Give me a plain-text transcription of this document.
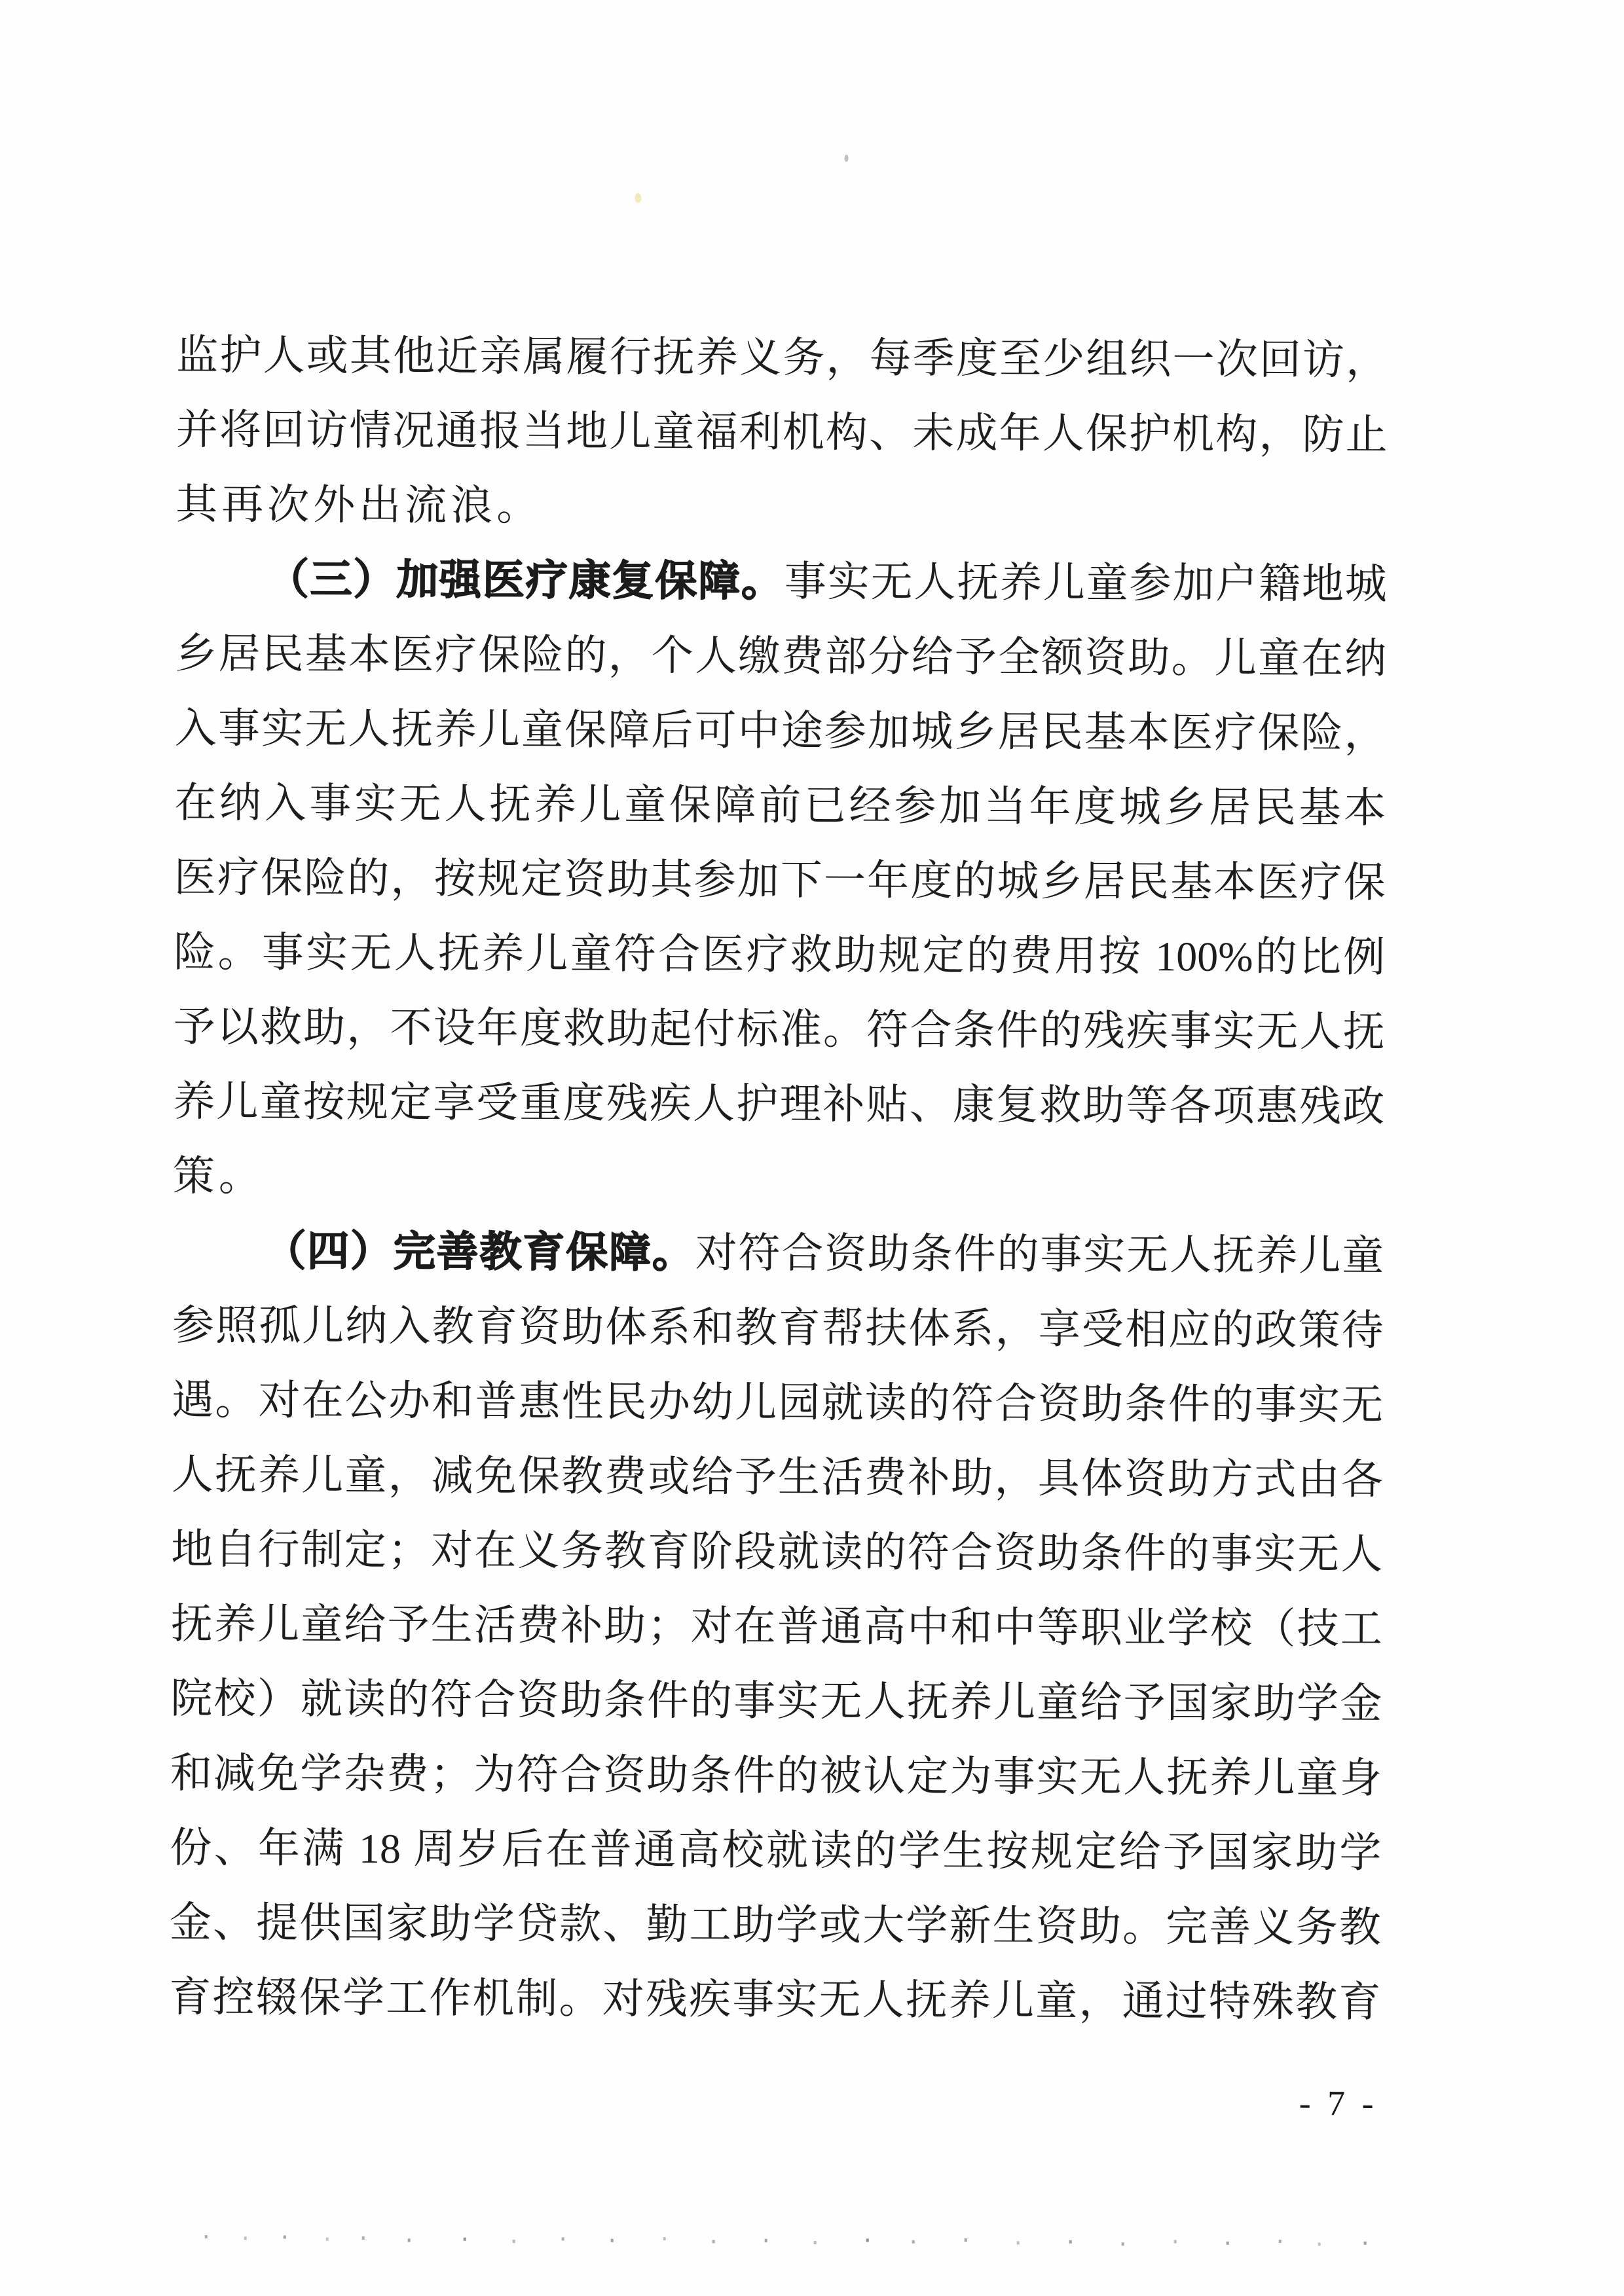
监护人或其他近亲属履行抚养义务，每季度至少组织一次回访，
并将回访情况通报当地儿童福利机构、未成年人保护机构，防止
其再次外出流浪。
（三）加强医疗康复保障。事实无人抚养儿童参加户籍地城
乡居民基本医疗保险的，个人缴费部分给予全额资助。儿童在纳
入事实无人抚养儿童保障后可中途参加城乡居民基本医疗保险，
在纳入事实无人抚养儿童保障前已经参加当年度城乡居民基本
医疗保险的，按规定资助其参加下一年度的城乡居民基本医疗保
险。事实无人抚养儿童符合医疗救助规定的费用按 100%的比例
予以救助，不设年度救助起付标准。符合条件的残疾事实无人抚
养儿童按规定享受重度残疾人护理补贴、康复救助等各项惠残政
策。
（四）完善教育保障。对符合资助条件的事实无人抚养儿童
参照孤儿纳入教育资助体系和教育帮扶体系，享受相应的政策待
遇。对在公办和普惠性民办幼儿园就读的符合资助条件的事实无
人抚养儿童，减免保教费或给予生活费补助，具体资助方式由各
地自行制定；对在义务教育阶段就读的符合资助条件的事实无人
抚养儿童给予生活费补助；对在普通高中和中等职业学校（技工
院校）就读的符合资助条件的事实无人抚养儿童给予国家助学金
和减免学杂费；为符合资助条件的被认定为事实无人抚养儿童身
份、年满 18 周岁后在普通高校就读的学生按规定给予国家助学
金、提供国家助学贷款、勤工助学或大学新生资助。完善义务教
育控辍保学工作机制。对残疾事实无人抚养儿童，通过特殊教育
- 7 -
